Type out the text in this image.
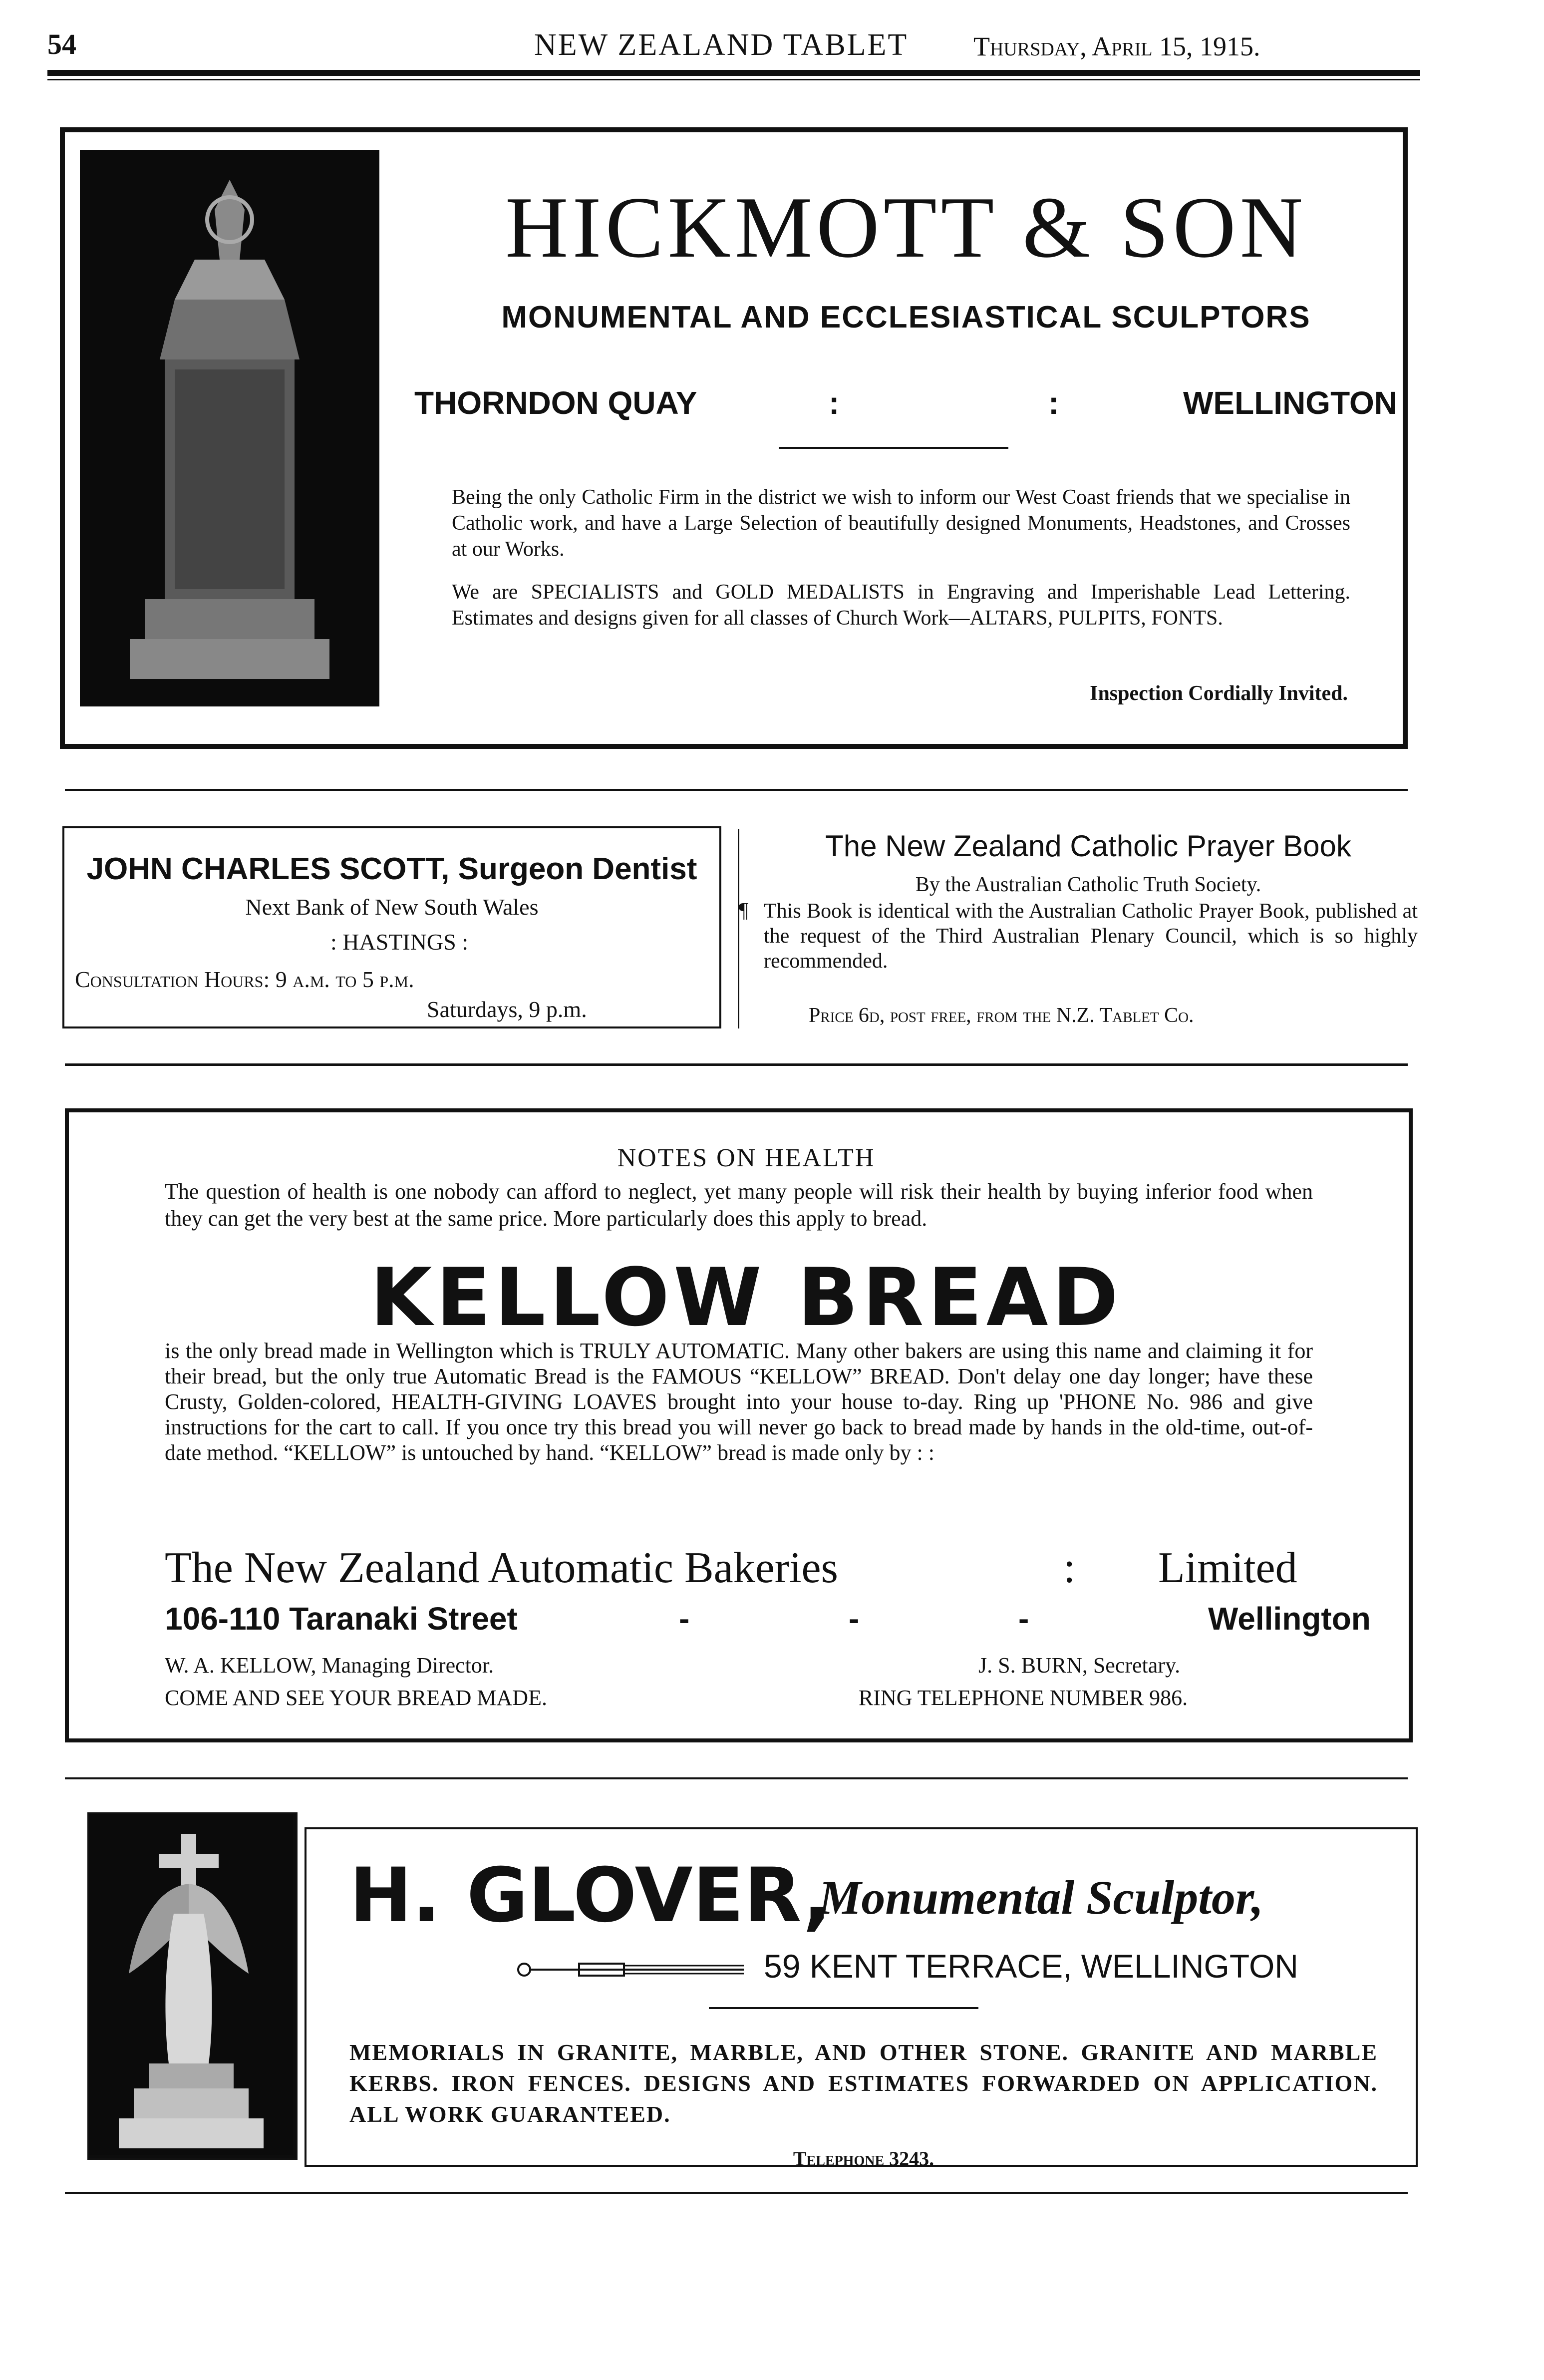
54	NEW ZEALAND TABLET Thursday, April 15, 1915.
HICKMOTT & SON
MONUMENTAL AND ECCLESIASTICAL SCULPTORS
THORNDON QUAY	:	:	WELLINGTON
Being the only Catholic Firm in the district we wish to inform our West Coast friends that we specialise in Catholic work, and have a Large Selection of beautifully designed Monuments, Headstones, and Crosses at our Works.
We are SPECIALISTS and GOLD MEDALISTS in Engraving and Imperishable Lead Lettering. Estimates and designs given for all classes of Church Work—ALTARS, PULPITS, FONTS.
Inspection Cordially Invited.
JOHN CHARLES SCOTT, Surgeon Dentist
Next Bank of New South Wales
: HASTINGS :
Consultation Hours: 9 a.m. to 5 p.m.
Saturdays, 9 p.m.
The New Zealand Catholic Prayer Book
By the Australian Catholic Truth Society.
¶ This Book is identical with the Australian Catholic Prayer Book, published at the request of the Third Australian Plenary Council, which is so highly recommended.
Price 6d, post free, from the N.Z. Tablet Co.
NOTES ON HEALTH
The question of health is one nobody can afford to neglect, yet many people will risk their health by buying inferior food when they can get the very best at the same price. More particularly does this apply to bread.
KELLOW BREAD
is the only bread made in Wellington which is TRULY AUTOMATIC. Many other bakers are using this name and claiming it for their bread, but the only true Automatic Bread is the FAMOUS “KELLOW” BREAD. Don't delay one day longer; have these Crusty, Golden-colored, HEALTH-GIVING LOAVES brought into your house to-day. Ring up 'PHONE No. 986 and give instructions for the cart to call. If you once try this bread you will never go back to bread made by hands in the old-time, out-of-date method. “KELLOW” is untouched by hand. “KELLOW” bread is made only by : :
The New Zealand Automatic Bakeries	: Limited
106-110 Taranaki Street	-	-	-	Wellington
W. A. KELLOW, Managing Director.	J. S. BURN, Secretary.
COME AND SEE YOUR BREAD MADE.	RING TELEPHONE NUMBER 986.
H. GLOVER,
Monumental Sculptor,
59 KENT TERRACE, WELLINGTON
MEMORIALS IN GRANITE, MARBLE, AND OTHER STONE. GRANITE AND MARBLE KERBS. IRON FENCES. DESIGNS AND ESTIMATES FORWARDED ON APPLICATION. ALL WORK GUARANTEED.
Telephone 3243.
